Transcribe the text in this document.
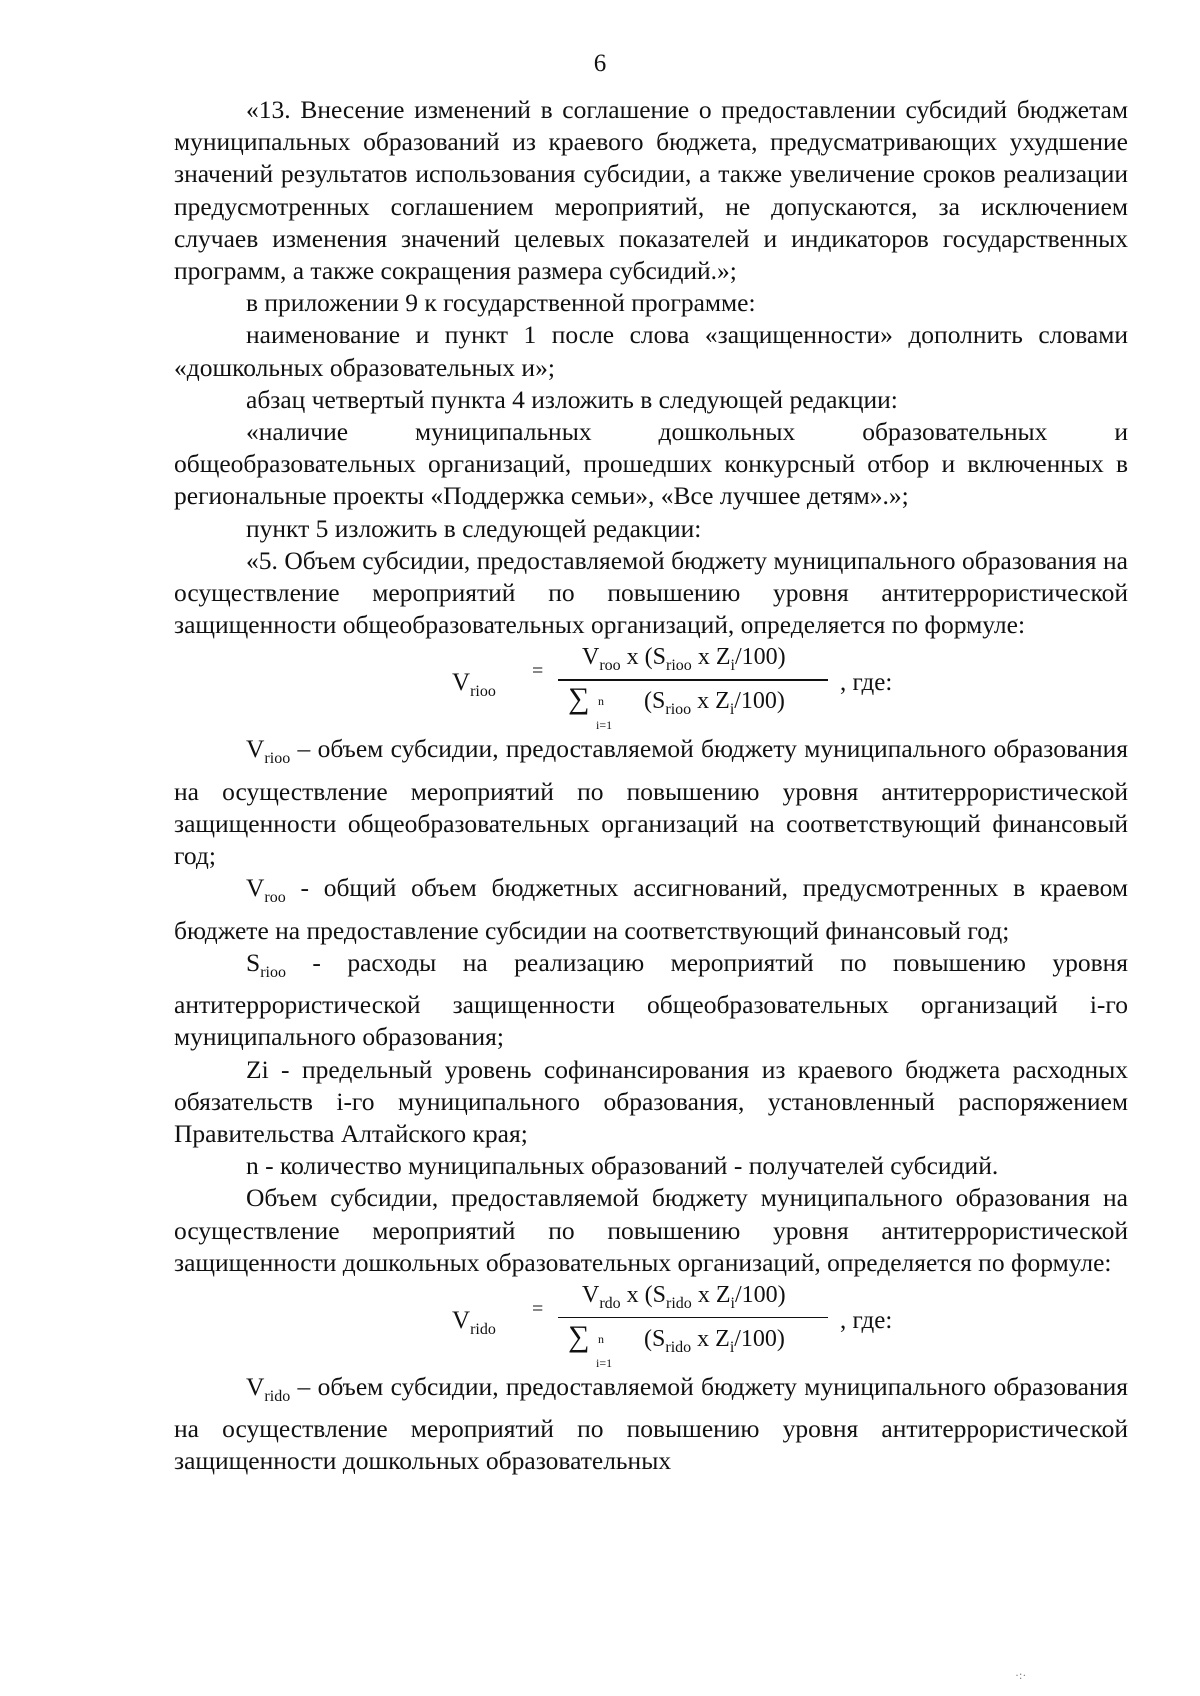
6

«13. Внесение изменений в соглашение о предоставлении субсидий бюджетам муниципальных образований из краевого бюджета, предусматривающих ухудшение значений результатов использования субсидии, а также увеличение сроков реализации предусмотренных соглашением мероприятий, не допускаются, за исключением случаев изменения значений целевых показателей и индикаторов государственных программ, а также сокращения размера субсидий.»;

в приложении 9 к государственной программе:

наименование и пункт 1 после слова «защищенности» дополнить словами «дошкольных образовательных и»;

абзац четвертый пункта 4 изложить в следующей редакции:

«наличие муниципальных дошкольных образовательных и общеобразовательных организаций, прошедших конкурсный отбор и включенных в региональные проекты «Поддержка семьи», «Все лучшее детям».»;

пункт 5 изложить в следующей редакции:

«5. Объем субсидии, предоставляемой бюджету муниципального образования на осуществление мероприятий по повышению уровня антитеррористической защищенности общеобразовательных организаций, определяется по формуле:

$V_{rioo}$
=
$V_{roo}$ x ($S_{rioo}$ x $Z_i/100$)
∑ n
i=1
($S_{rioo}$ x $Z_i/100$)
, где:

$V_{rioo}$ – объем субсидии, предоставляемой бюджету муниципального образования на осуществление мероприятий по повышению уровня антитеррористической защищенности общеобразовательных организаций на соответствующий финансовый год;

$V_{roo}$ - общий объем бюджетных ассигнований, предусмотренных в краевом бюджете на предоставление субсидии на соответствующий финансовый год;

$S_{rioo}$ - расходы на реализацию мероприятий по повышению уровня антитеррористической защищенности общеобразовательных организаций i-го муниципального образования;

Zi - предельный уровень софинансирования из краевого бюджета расходных обязательств i-го муниципального образования, установленный распоряжением Правительства Алтайского края;

n - количество муниципальных образований - получателей субсидий.

Объем субсидии, предоставляемой бюджету муниципального образования на осуществление мероприятий по повышению уровня антитеррористической защищенности дошкольных образовательных организаций, определяется по формуле:

$V_{rido}$
=
$V_{rdo}$ x ($S_{rido}$ x $Z_i/100$)
∑ n
i=1
($S_{rido}$ x $Z_i/100$)
, где:

$V_{rido}$ – объем субсидии, предоставляемой бюджету муниципального образования на осуществление мероприятий по повышению уровня антитеррористической защищенности дошкольных образовательных

·:·
